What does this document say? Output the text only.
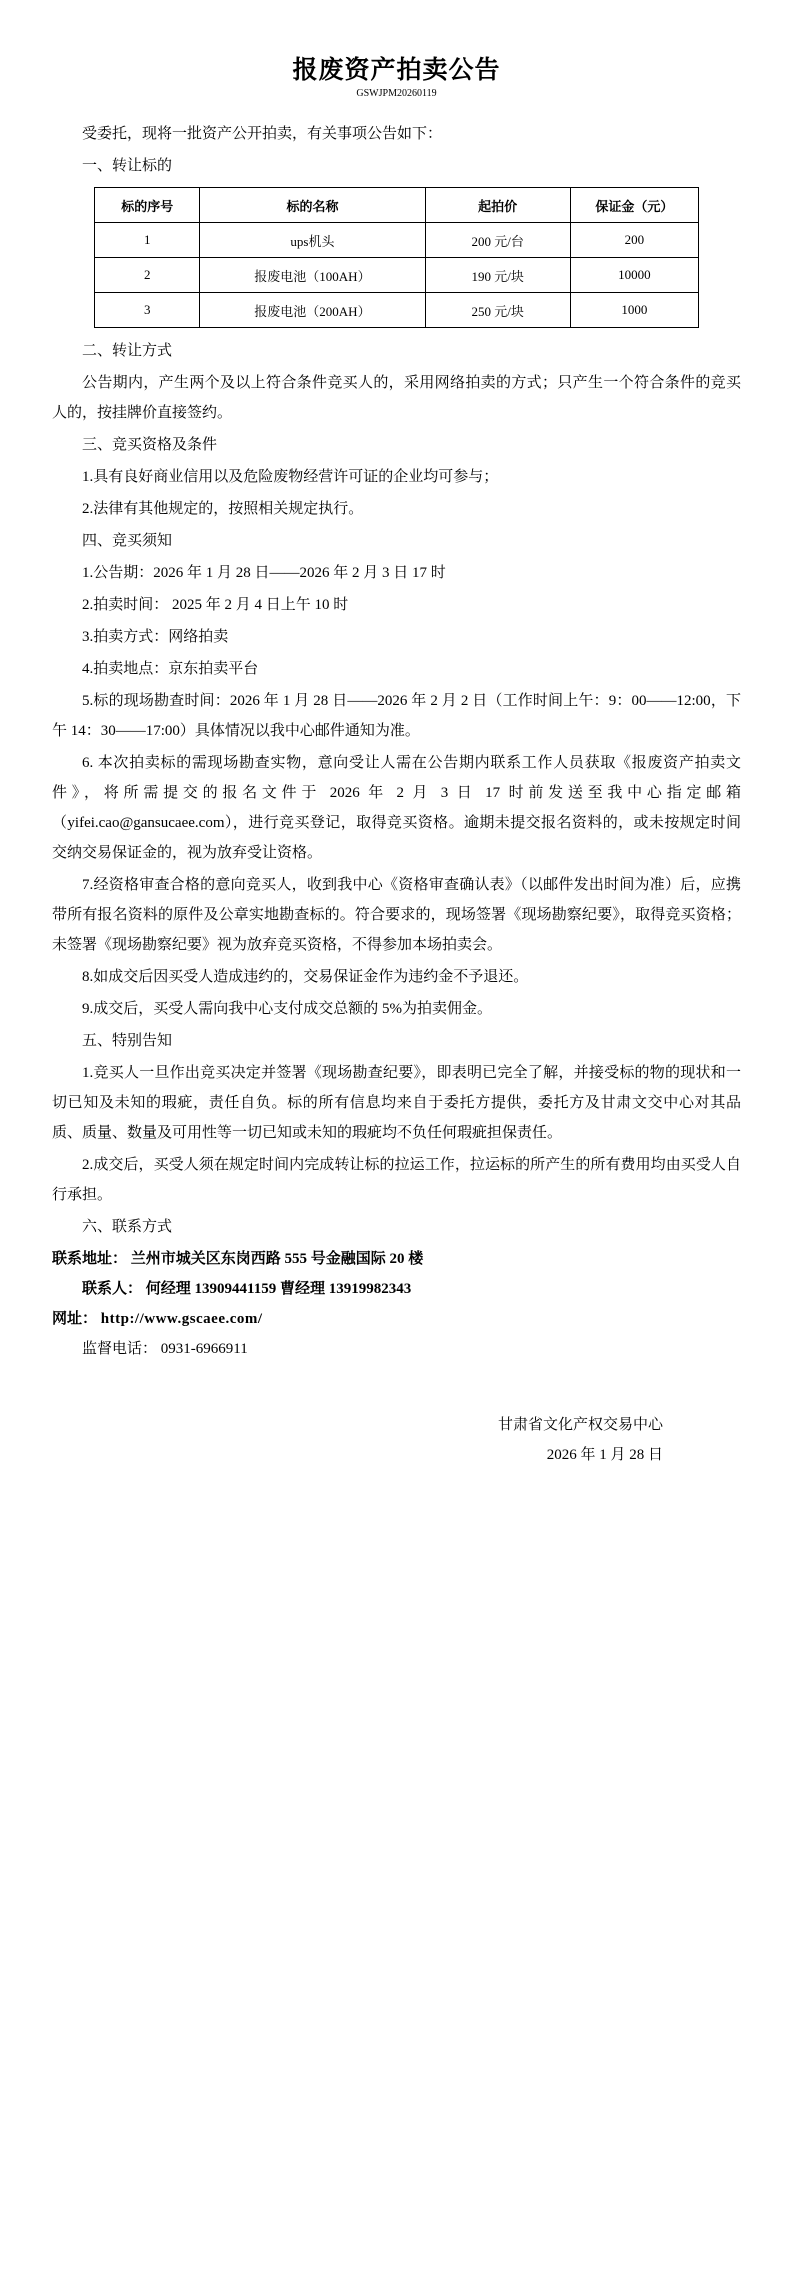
报废资产拍卖公告
GSWJPM20260119

受委托，现将一批资产公开拍卖，有关事项公告如下：

一、转让标的

标的序号	标的名称	起拍价	保证金（元）
1	ups机头	200 元/台	200
2	报废电池（100AH）	190 元/块	10000
3	报废电池（200AH）	250 元/块	1000

二、转让方式

公告期内，产生两个及以上符合条件竞买人的，采用网络拍卖的方式；只产生一个符合条件的竞买人的，按挂牌价直接签约。

三、竞买资格及条件

1.具有良好商业信用以及危险废物经营许可证的企业均可参与；

2.法律有其他规定的，按照相关规定执行。

四、竞买须知

1.公告期：2026 年 1 月 28 日——2026 年 2 月 3 日 17 时

2.拍卖时间： 2025 年 2 月 4 日上午 10 时

3.拍卖方式：网络拍卖

4.拍卖地点：京东拍卖平台

5.标的现场勘查时间：2026 年 1 月 28 日——2026 年 2 月 2 日（工作时间上午：9：00——12:00，下午 14：30——17:00）具体情况以我中心邮件通知为准。

6. 本次拍卖标的需现场勘查实物，意向受让人需在公告期内联系工作人员获取《报废资产拍卖文件》，将所需提交的报名文件于 2026 年 2 月 3 日 17 时前发送至我中心指定邮箱（yifei.cao@gansucaee.com），进行竞买登记，取得竞买资格。逾期未提交报名资料的，或未按规定时间交纳交易保证金的，视为放弃受让资格。

7.经资格审查合格的意向竞买人，收到我中心《资格审查确认表》（以邮件发出时间为准）后，应携带所有报名资料的原件及公章实地勘查标的。符合要求的，现场签署《现场勘察纪要》，取得竞买资格；未签署《现场勘察纪要》视为放弃竞买资格，不得参加本场拍卖会。

8.如成交后因买受人造成违约的，交易保证金作为违约金不予退还。

9.成交后，买受人需向我中心支付成交总额的 5%为拍卖佣金。

五、特别告知

1.竞买人一旦作出竞买决定并签署《现场勘查纪要》，即表明已完全了解，并接受标的物的现状和一切已知及未知的瑕疵，责任自负。标的所有信息均来自于委托方提供，委托方及甘肃文交中心对其品质、质量、数量及可用性等一切已知或未知的瑕疵均不负任何瑕疵担保责任。

2.成交后，买受人须在规定时间内完成转让标的拉运工作，拉运标的所产生的所有费用均由买受人自行承担。

六、联系方式

联系地址： 兰州市城关区东岗西路 555 号金融国际 20 楼

联系人： 何经理 13909441159 曹经理 13919982343

网址： http://www.gscaee.com/

监督电话： 0931-6966911

甘肃省文化产权交易中心

2026 年 1 月 28 日
